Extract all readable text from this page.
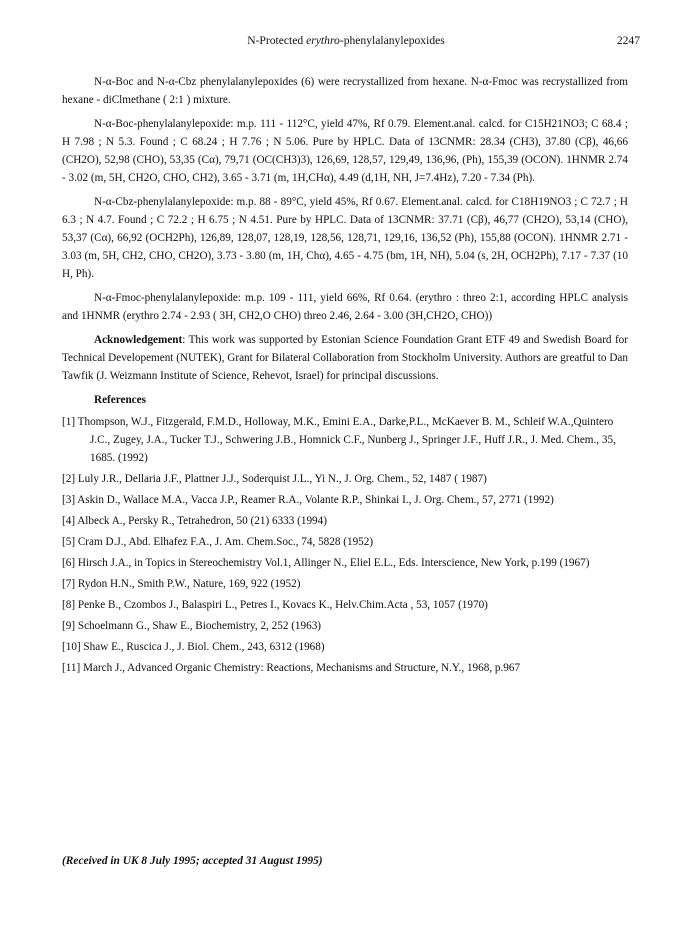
N-Protected erythro-phenylalanylepoxides	2247

N-α-Boc and N-α-Cbz phenylalanylepoxides (6) were recrystallized from hexane. N-α-Fmoc was recrystallized from hexane - diClmethane ( 2:1 ) mixture.

N-α-Boc-phenylalanylepoxide: m.p. 111 - 112°C, yield 47%, Rf 0.79. Element.anal. calcd. for C15H21NO3; C 68.4 ; H 7.98 ; N 5.3. Found ; C 68.24 ; H 7.76 ; N 5.06. Pure by HPLC. Data of 13CNMR: 28.34 (CH3), 37.80 (Cβ), 46,66 (CH2O), 52,98 (CHO), 53,35 (Cα), 79,71 (OC(CH3)3), 126,69, 128,57, 129,49, 136,96, (Ph), 155,39 (OCON). 1HNMR 2.74 - 3.02 (m, 5H, CH2O, CHO, CH2), 3.65 - 3.71 (m, 1H,CHα), 4.49 (d,1H, NH, J=7.4Hz), 7.20 - 7.34 (Ph).

N-α-Cbz-phenylalanylepoxide: m.p. 88 - 89°C, yield 45%, Rf 0.67. Element.anal. calcd. for C18H19NO3 ; C 72.7 ; H 6.3 ; N 4.7. Found ; C 72.2 ; H 6.75 ; N 4.51. Pure by HPLC. Data of 13CNMR: 37.71 (Cβ), 46,77 (CH2O), 53,14 (CHO), 53,37 (Cα), 66,92 (OCH2Ph), 126,89, 128,07, 128,19, 128,56, 128,71, 129,16, 136,52 (Ph), 155,88 (OCON). 1HNMR 2.71 - 3.03 (m, 5H, CH2, CHO, CH2O), 3.73 - 3.80 (m, 1H, Chα), 4.65 - 4.75 (bm, 1H, NH), 5.04 (s, 2H, OCH2Ph), 7.17 - 7.37 (10 H, Ph).

N-α-Fmoc-phenylalanylepoxide: m.p. 109 - 111, yield 66%, Rf 0.64. (erythro : threo 2:1, according HPLC analysis and 1HNMR (erythro 2.74 - 2.93 ( 3H, CH2,O CHO) threo 2.46, 2.64 - 3.00 (3H,CH2O, CHO))

Acknowledgement: This work was supported by Estonian Science Foundation Grant ETF 49 and Swedish Board for Technical Developement (NUTEK), Grant for Bilateral Collaboration from Stockholm University. Authors are greatful to Dan Tawfik (J. Weizmann Institute of Science, Rehevot, Israel) for principal discussions.

References
[1] Thompson, W.J., Fitzgerald, F.M.D., Holloway, M.K., Emini E.A., Darke,P.L., McKaever B. M., Schleif W.A.,Quintero J.C., Zugey, J.A., Tucker T.J., Schwering J.B., Homnick C.F., Nunberg J., Springer J.F., Huff J.R., J. Med. Chem., 35, 1685. (1992)
[2] Luly J.R., Dellaria J.F., Plattner J.J., Soderquist J.L., Yi N., J. Org. Chem., 52, 1487 ( 1987)
[3] Askin D., Wallace M.A., Vacca J.P., Reamer R.A., Volante R.P., Shinkai I., J. Org. Chem., 57, 2771 (1992)
[4] Albeck A., Persky R., Tetrahedron, 50 (21) 6333 (1994)
[5] Cram D.J., Abd. Elhafez F.A., J. Am. Chem.Soc., 74, 5828 (1952)
[6] Hirsch J.A., in Topics in Stereochemistry Vol.1, Allinger N., Eliel E.L., Eds. Interscience, New York, p.199 (1967)
[7] Rydon H.N., Smith P.W., Nature, 169, 922 (1952)
[8] Penke B., Czombos J., Balaspiri L., Petres I., Kovacs K., Helv.Chim.Acta , 53, 1057 (1970)
[9] Schoelmann G., Shaw E., Biochemistry, 2, 252 (1963)
[10] Shaw E., Ruscica J., J. Biol. Chem., 243, 6312 (1968)
[11] March J., Advanced Organic Chemistry: Reactions, Mechanisms and Structure, N.Y., 1968, p.967
(Received in UK 8 July 1995; accepted 31 August 1995)
